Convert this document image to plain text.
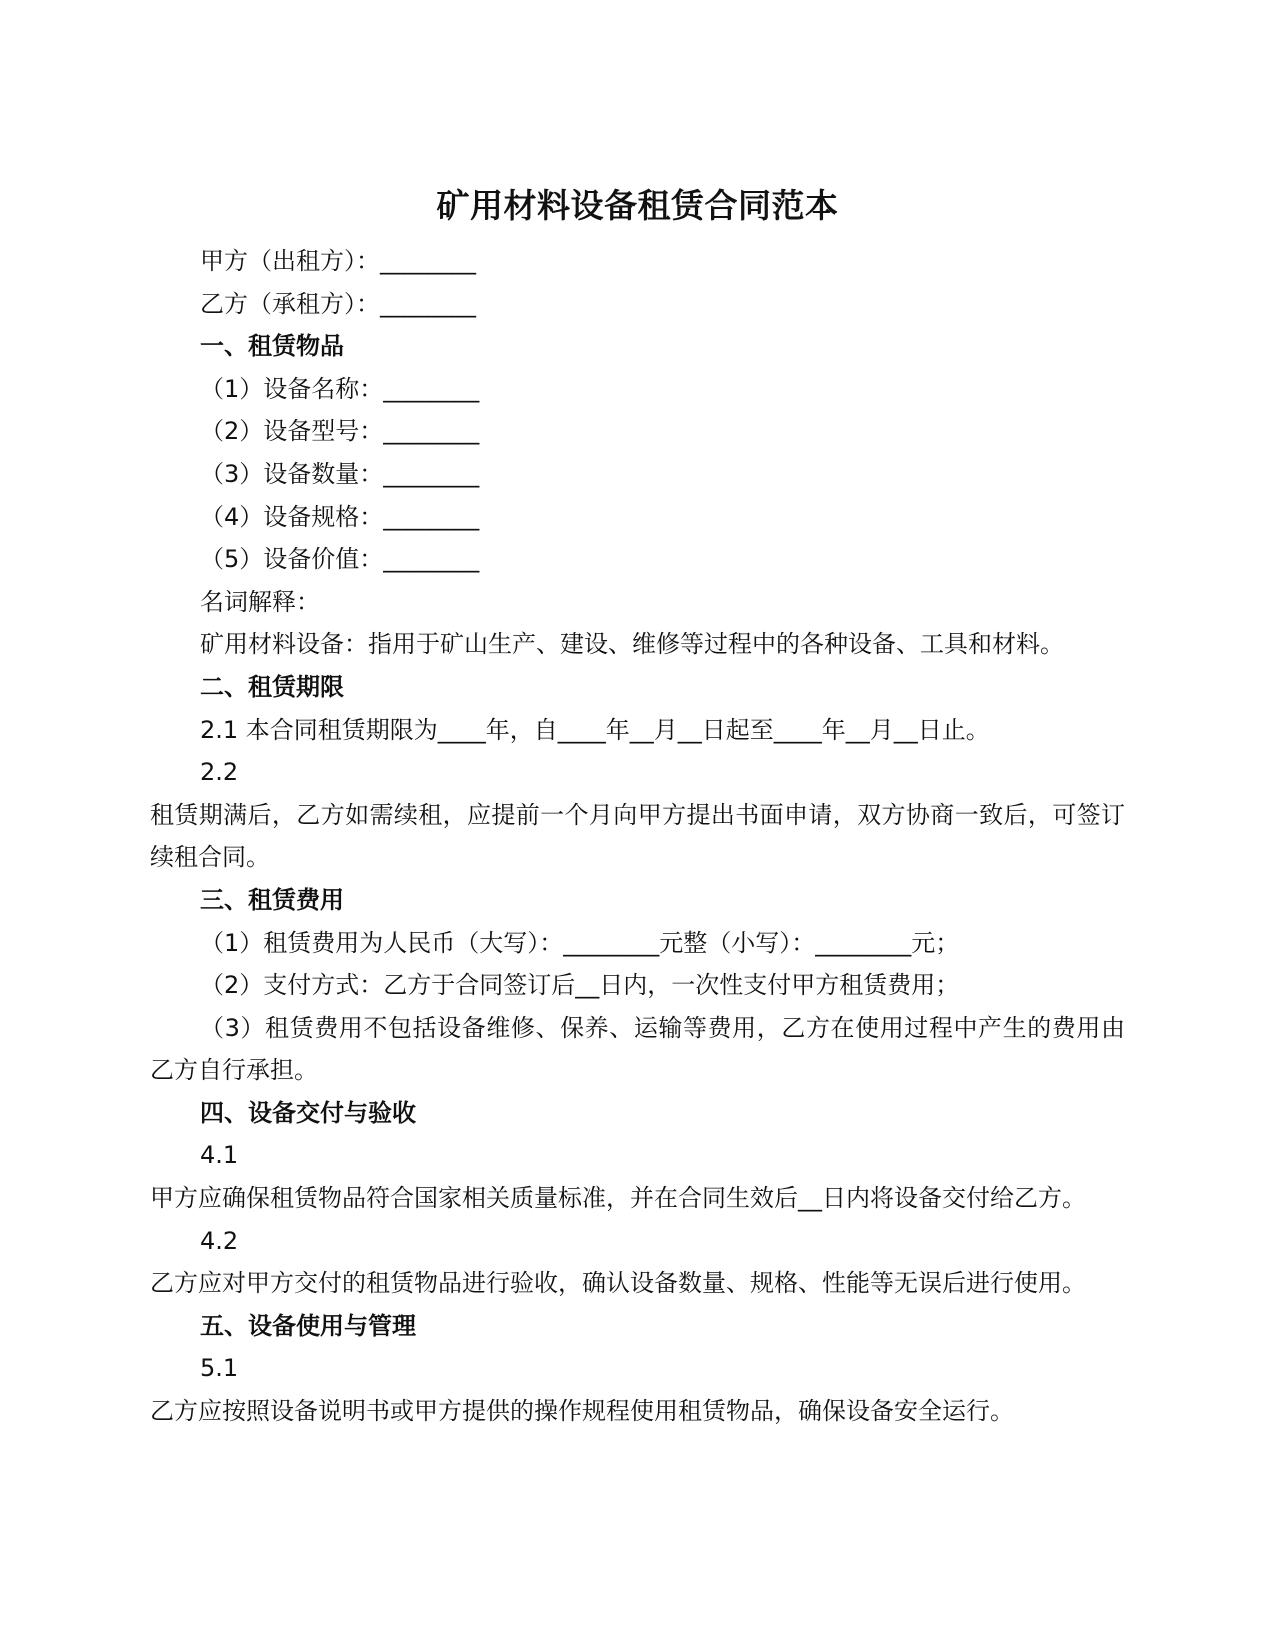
矿用材料设备租赁合同范本

甲方（出租方）：________

乙方（承租方）：________

一、租赁物品

（1）设备名称：________

（2）设备型号：________

（3）设备数量：________

（4）设备规格：________

（5）设备价值：________

名词解释：

矿用材料设备：指用于矿山生产、建设、维修等过程中的各种设备、工具和材料。

二、租赁期限

2.1 本合同租赁期限为____年，自____年__月__日起至____年__月__日止。

2.2

租赁期满后，乙方如需续租，应提前一个月向甲方提出书面申请，双方协商一致后，可签订续租合同。

三、租赁费用

（1）租赁费用为人民币（大写）：________元整（小写）：________元；

（2）支付方式：乙方于合同签订后__日内，一次性支付甲方租赁费用；

（3）租赁费用不包括设备维修、保养、运输等费用，乙方在使用过程中产生的费用由乙方自行承担。

四、设备交付与验收

4.1

甲方应确保租赁物品符合国家相关质量标准，并在合同生效后__日内将设备交付给乙方。

4.2

乙方应对甲方交付的租赁物品进行验收，确认设备数量、规格、性能等无误后进行使用。

五、设备使用与管理

5.1

乙方应按照设备说明书或甲方提供的操作规程使用租赁物品，确保设备安全运行。
